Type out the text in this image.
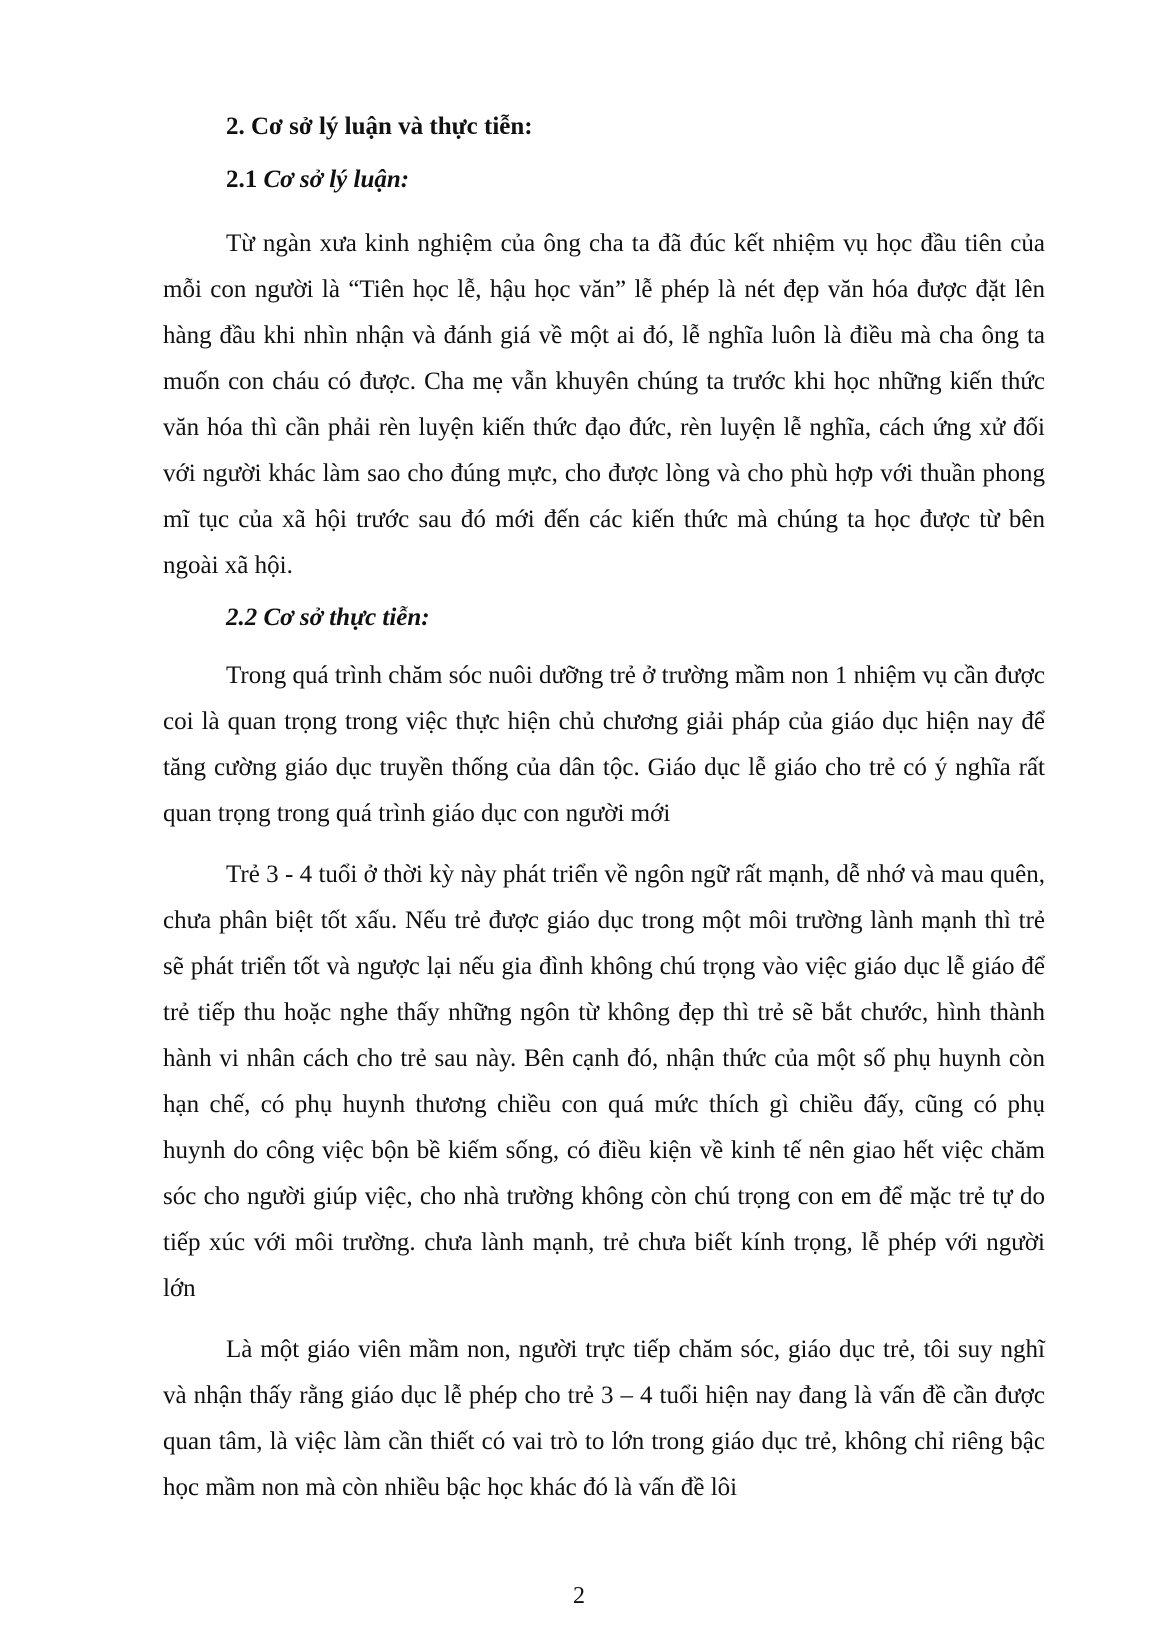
2. Cơ sở lý luận và thực tiễn:
2.1 Cơ sở lý luận:

Từ ngàn xưa kinh nghiệm của ông cha ta đã đúc kết nhiệm vụ học đầu tiên của mỗi con người là “Tiên học lễ, hậu học văn” lễ phép là nét đẹp văn hóa được đặt lên hàng đầu khi nhìn nhận và đánh giá về một ai đó, lễ nghĩa luôn là điều mà cha ông ta muốn con cháu có được. Cha mẹ vẫn khuyên chúng ta trước khi học những kiến thức văn hóa thì cần phải rèn luyện kiến thức đạo đức, rèn luyện lễ nghĩa, cách ứng xử đối với người khác làm sao cho đúng mực, cho được lòng và cho phù hợp với thuần phong mĩ tục của xã hội trước sau đó mới đến các kiến thức mà chúng ta học được từ bên ngoài xã hội.

2.2 Cơ sở thực tiễn:

Trong quá trình chăm sóc nuôi dưỡng trẻ ở trường mầm non 1 nhiệm vụ cần được coi là quan trọng trong việc thực hiện chủ chương giải pháp của giáo dục hiện nay để tăng cường giáo dục truyền thống của dân tộc. Giáo dục lễ giáo cho trẻ có ý nghĩa rất quan trọng trong quá trình giáo dục con người mới

Trẻ 3 - 4 tuổi ở thời kỳ này phát triển về ngôn ngữ rất mạnh, dễ nhớ và mau quên, chưa phân biệt tốt xấu. Nếu trẻ được giáo dục trong một môi trường lành mạnh thì trẻ sẽ phát triển tốt và ngược lại nếu gia đình không chú trọng vào việc giáo dục lễ giáo để trẻ tiếp thu hoặc nghe thấy những ngôn từ không đẹp thì trẻ sẽ bắt chước, hình thành hành vi nhân cách cho trẻ sau này. Bên cạnh đó, nhận thức của một số phụ huynh còn hạn chế, có phụ huynh thương chiều con quá mức thích gì chiều đấy, cũng có phụ huynh do công việc bộn bề kiếm sống, có điều kiện về kinh tế nên giao hết việc chăm sóc cho người giúp việc, cho nhà trường không còn chú trọng con em để mặc trẻ tự do tiếp xúc với môi trường. chưa lành mạnh, trẻ chưa biết kính trọng, lễ phép với người lớn

Là một giáo viên mầm non, người trực tiếp chăm sóc, giáo dục trẻ, tôi suy nghĩ và nhận thấy rằng giáo dục lễ phép cho trẻ 3 – 4 tuổi hiện nay đang là vấn đề cần được quan tâm, là việc làm cần thiết có vai trò to lớn trong giáo dục trẻ, không chỉ riêng bậc học mầm non mà còn nhiều bậc học khác đó là vấn đề lôi

2
